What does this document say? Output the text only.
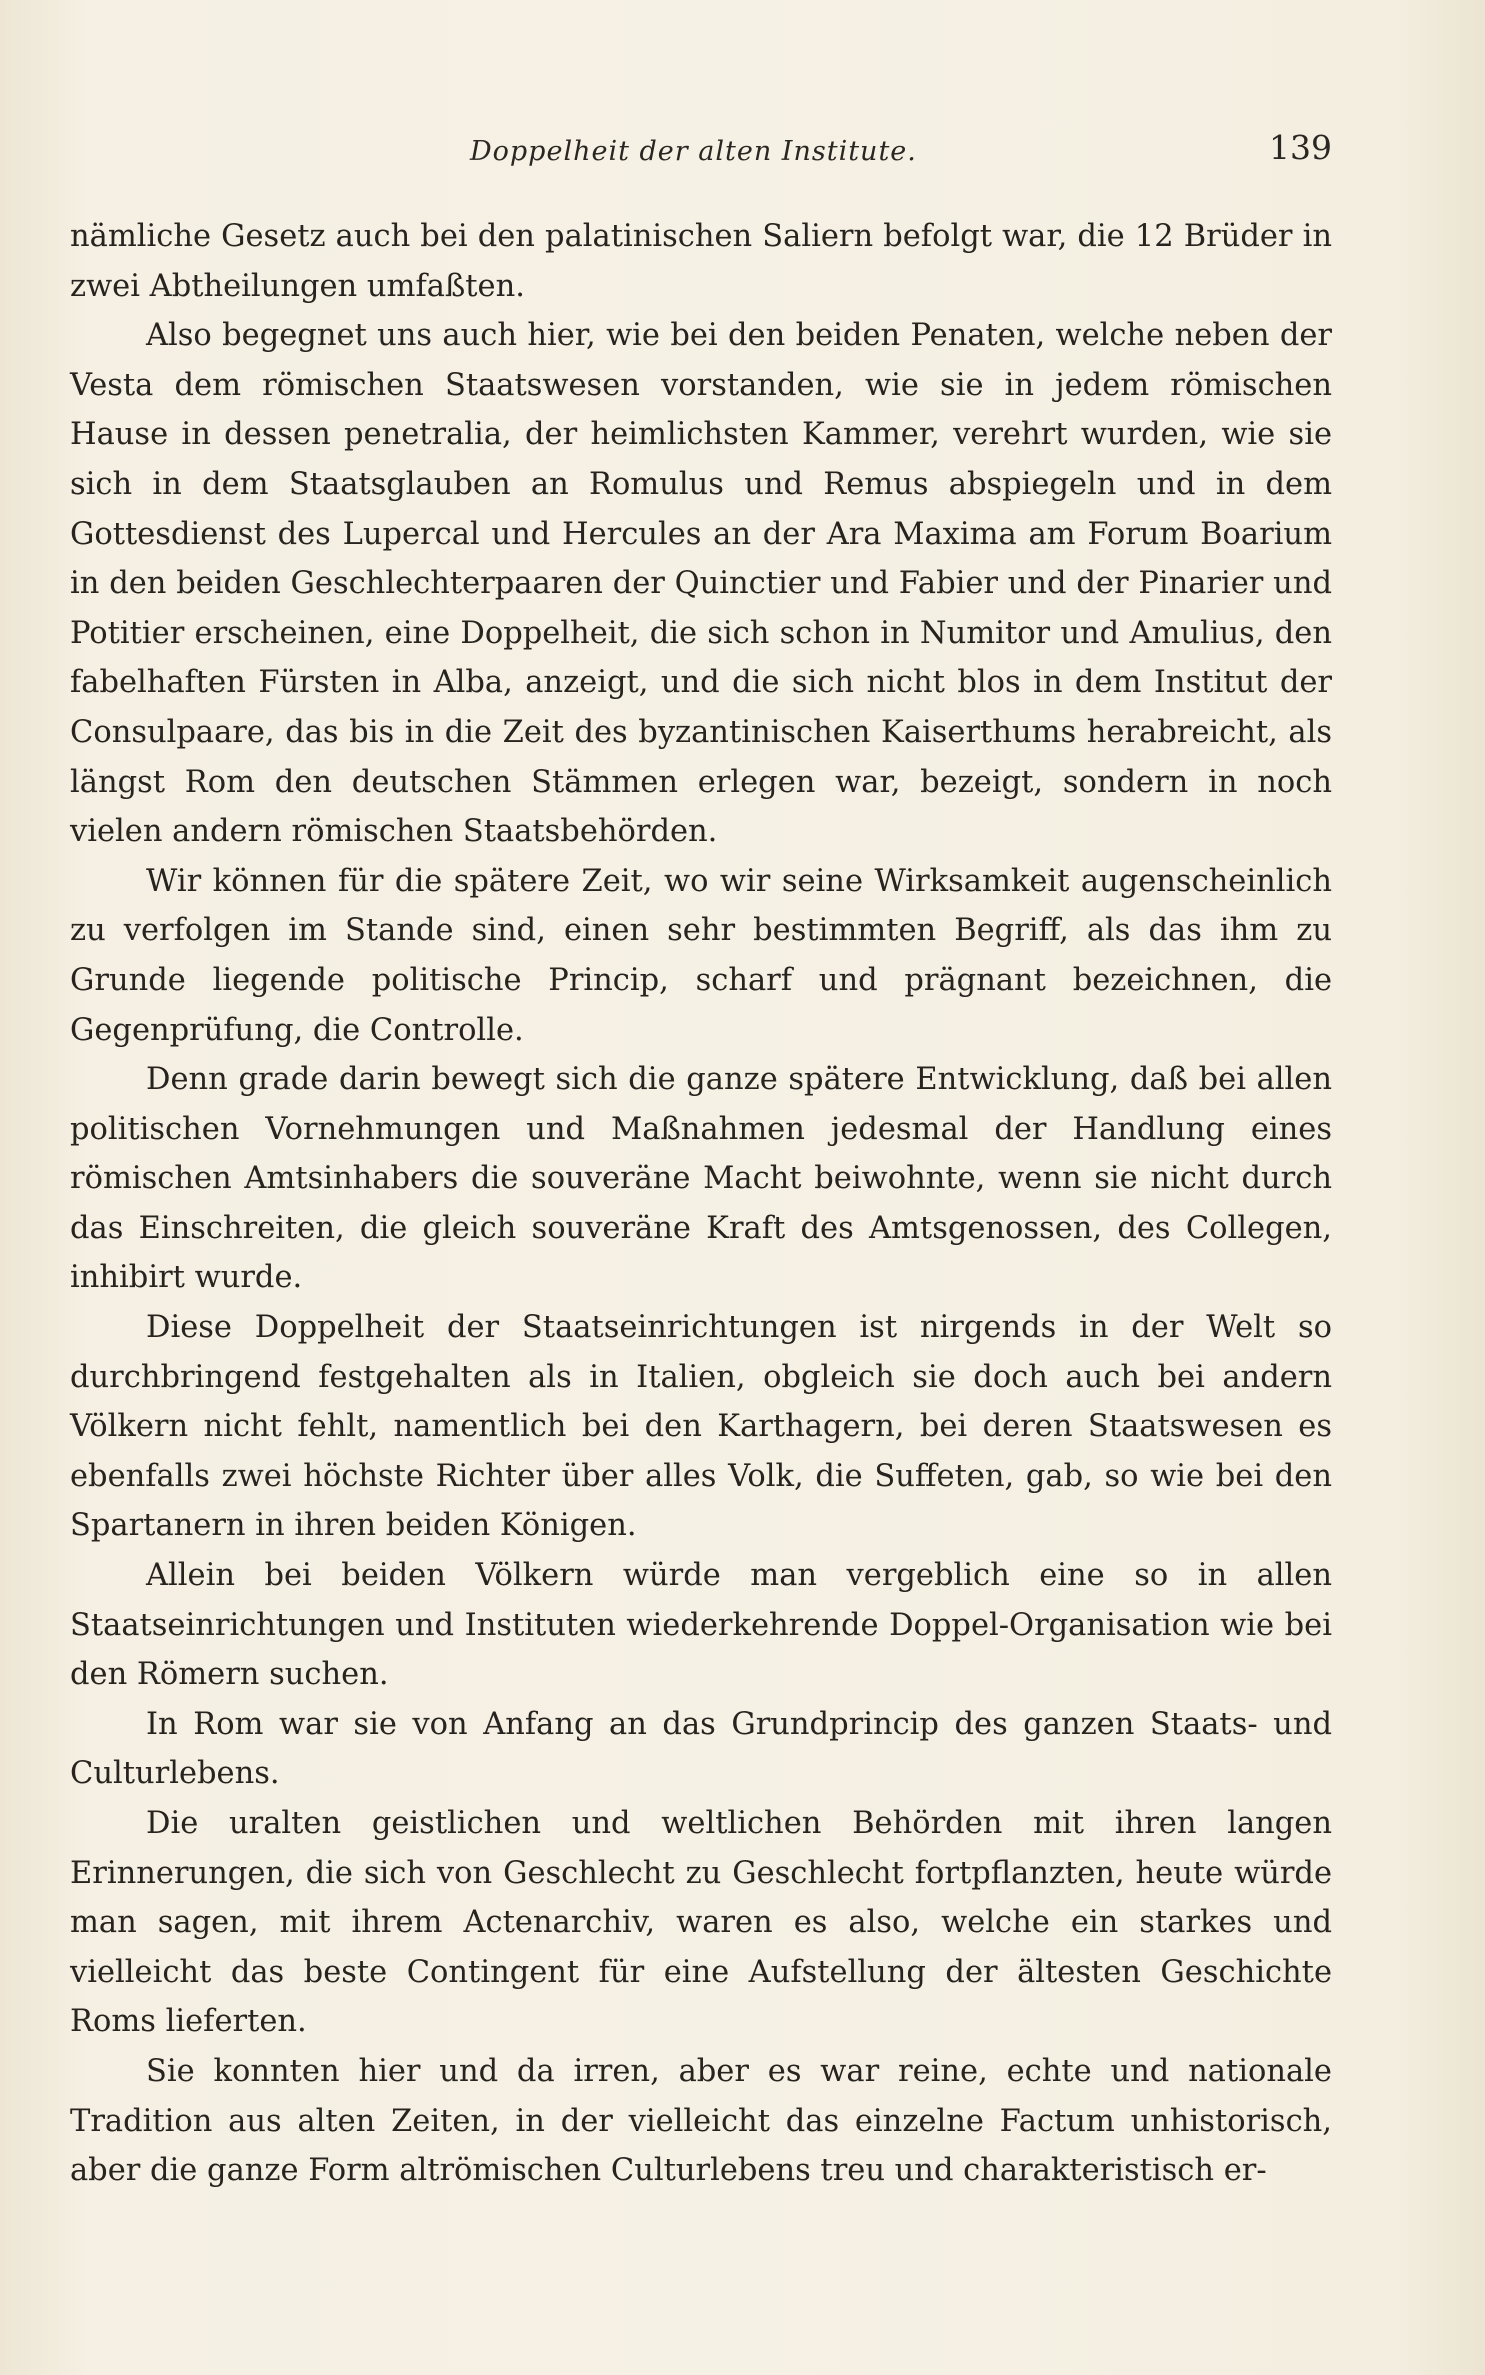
Doppelheit der alten Institute.	139

nämliche Gesetz auch bei den palatinischen Saliern befolgt war, die 12 Brüder in zwei Abtheilungen umfaßten.

Also begegnet uns auch hier, wie bei den beiden Penaten, welche neben der Vesta dem römischen Staatswesen vorstanden, wie sie in jedem römischen Hause in dessen penetralia, der heimlichsten Kammer, verehrt wurden, wie sie sich in dem Staatsglauben an Romulus und Remus abspiegeln und in dem Gottesdienst des Lupercal und Hercules an der Ara Maxima am Forum Boarium in den beiden Geschlechterpaaren der Quinctier und Fabier und der Pinarier und Potitier erscheinen, eine Doppelheit, die sich schon in Numitor und Amulius, den fabelhaften Fürsten in Alba, anzeigt, und die sich nicht blos in dem Institut der Consulpaare, das bis in die Zeit des byzantinischen Kaiserthums herabreicht, als längst Rom den deutschen Stämmen erlegen war, bezeigt, sondern in noch vielen andern römischen Staatsbehörden.

Wir können für die spätere Zeit, wo wir seine Wirksamkeit augenscheinlich zu verfolgen im Stande sind, einen sehr bestimmten Begriff, als das ihm zu Grunde liegende politische Princip, scharf und prägnant bezeichnen, die Gegenprüfung, die Controlle.

Denn grade darin bewegt sich die ganze spätere Entwicklung, daß bei allen politischen Vornehmungen und Maßnahmen jedesmal der Handlung eines römischen Amtsinhabers die souveräne Macht beiwohnte, wenn sie nicht durch das Einschreiten, die gleich souveräne Kraft des Amtsgenossen, des Collegen, inhibirt wurde.

Diese Doppelheit der Staatseinrichtungen ist nirgends in der Welt so durchbringend festgehalten als in Italien, obgleich sie doch auch bei andern Völkern nicht fehlt, namentlich bei den Karthagern, bei deren Staatswesen es ebenfalls zwei höchste Richter über alles Volk, die Suffeten, gab, so wie bei den Spartanern in ihren beiden Königen.

Allein bei beiden Völkern würde man vergeblich eine so in allen Staatseinrichtungen und Instituten wiederkehrende Doppel-Organisation wie bei den Römern suchen.

In Rom war sie von Anfang an das Grundprincip des ganzen Staats- und Culturlebens.

Die uralten geistlichen und weltlichen Behörden mit ihren langen Erinnerungen, die sich von Geschlecht zu Geschlecht fortpflanzten, heute würde man sagen, mit ihrem Actenarchiv, waren es also, welche ein starkes und vielleicht das beste Contingent für eine Aufstellung der ältesten Geschichte Roms lieferten.

Sie konnten hier und da irren, aber es war reine, echte und nationale Tradition aus alten Zeiten, in der vielleicht das einzelne Factum unhistorisch, aber die ganze Form altrömischen Culturlebens treu und charakteristisch er-
